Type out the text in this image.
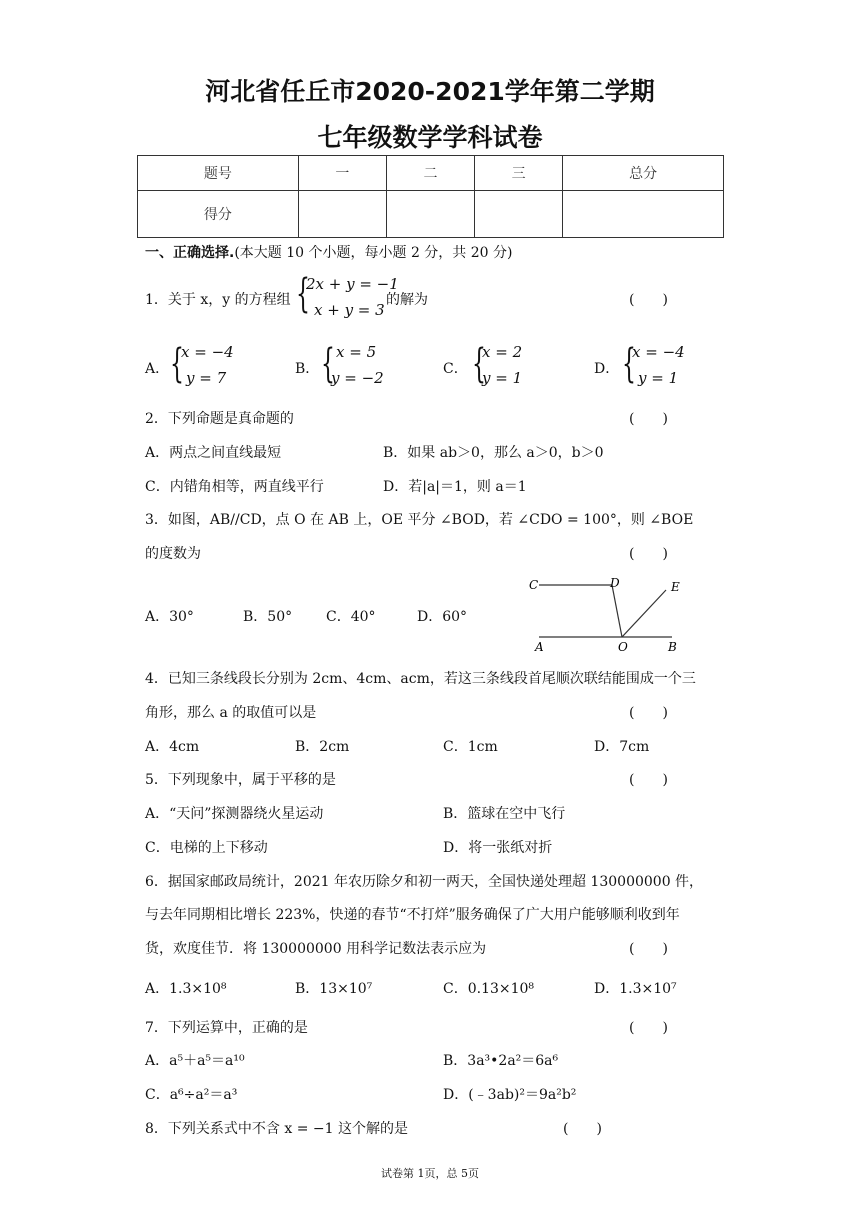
河北省任丘市2020-2021学年第二学期
七年级数学学科试卷
题号	一	二	三	总分
得分				
一、正确选择.(本大题 10 个小题，每小题 2 分，共 20 分)
1．关于 x，y 的方程组 {
2x + y = −1
x + y = 3
的解为	(　　)
A． {
x = −4
y = 7	B． { x = 5
y = −2	C． {
x = 2
y = 1	D． {
x = −4
y = 1
2．下列命题是真命题的	(　　)
A．两点之间直线最短	B．如果 ab＞0，那么 a＞0，b＞0
C．内错角相等，两直线平行	D．若|a|＝1，则 a＝1
3．如图，AB//CD，点 O 在 AB 上，OE 平分 ∠BOD，若 ∠CDO = 100°，则 ∠BOE
的度数为	(　　)
A．30°	B．50° C．40°	D．60°
C	D	E
A	O	B
4．已知三条线段长分别为 2cm、4cm、acm，若这三条线段首尾顺次联结能围成一个三
角形，那么 a 的取值可以是	(　　)
A．4cm	B．2cm	C．1cm	D．7cm
5．下列现象中，属于平移的是	(　　)
A．“天问”探测器绕火星运动	B．篮球在空中飞行
C．电梯的上下移动	D．将一张纸对折
6．据国家邮政局统计，2021 年农历除夕和初一两天，全国快递处理超 130000000 件，
与去年同期相比增长 223%，快递的春节“不打烊”服务确保了广大用户能够顺利收到年
货，欢度佳节．将 130000000 用科学记数法表示应为	(　　)
A．1.3×10⁸	B．13×10⁷	C．0.13×10⁸	D．1.3×10⁷
7．下列运算中，正确的是	(　　)
A．a⁵＋a⁵＝a¹⁰	B．3a³•2a²＝6a⁶
C．a⁶÷a²＝a³	D．(﹣3ab)²＝9a²b²
8．下列关系式中不含 x = −1 这个解的是	(　　)
试卷第 1页，总 5页
